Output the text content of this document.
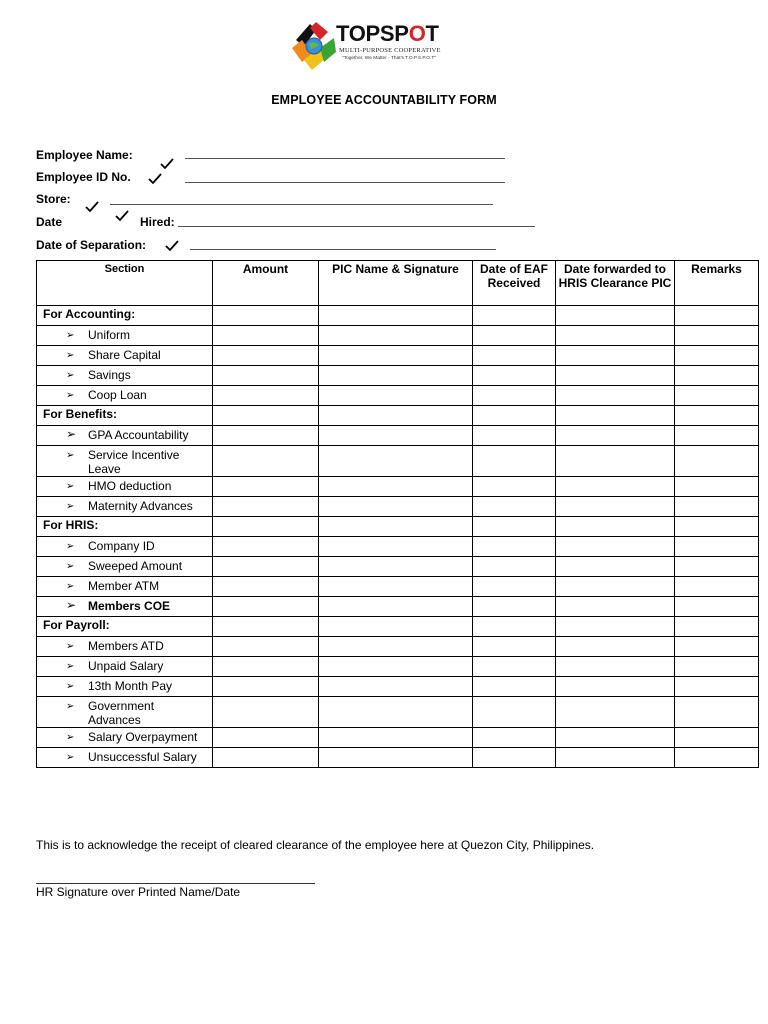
TOPSPOT
MULTI-PURPOSE COOPERATIVE
"Together, We Matter - That's T.O.P.S.P.O.T"
EMPLOYEE ACCOUNTABILITY FORM
Employee Name:
Employee ID No.
Store:
Date	Hired:
Date of Separation:
Section	Amount	PIC Name & Signature	Date of EAF Received	Date forwarded to HRIS Clearance PIC	Remarks
For Accounting:					

➢ Uniform					

➢ Share Capital					

➢ Savings					

➢ Coop Loan					

For Benefits:					

➢ GPA Accountability					

➢ Service Incentive Leave					

➢ HMO deduction					

➢ Maternity Advances					

For HRIS:					

➢ Company ID					

➢ Sweeped Amount					

➢ Member ATM					

➢ Members COE					

For Payroll:					

➢ Members ATD					

➢ Unpaid Salary					

➢ 13th Month Pay					

➢ Government Advances					

➢ Salary Overpayment					

➢ Unsuccessful Salary					

This is to acknowledge the receipt of cleared clearance of the employee here at Quezon City, Philippines.
HR Signature over Printed Name/Date
